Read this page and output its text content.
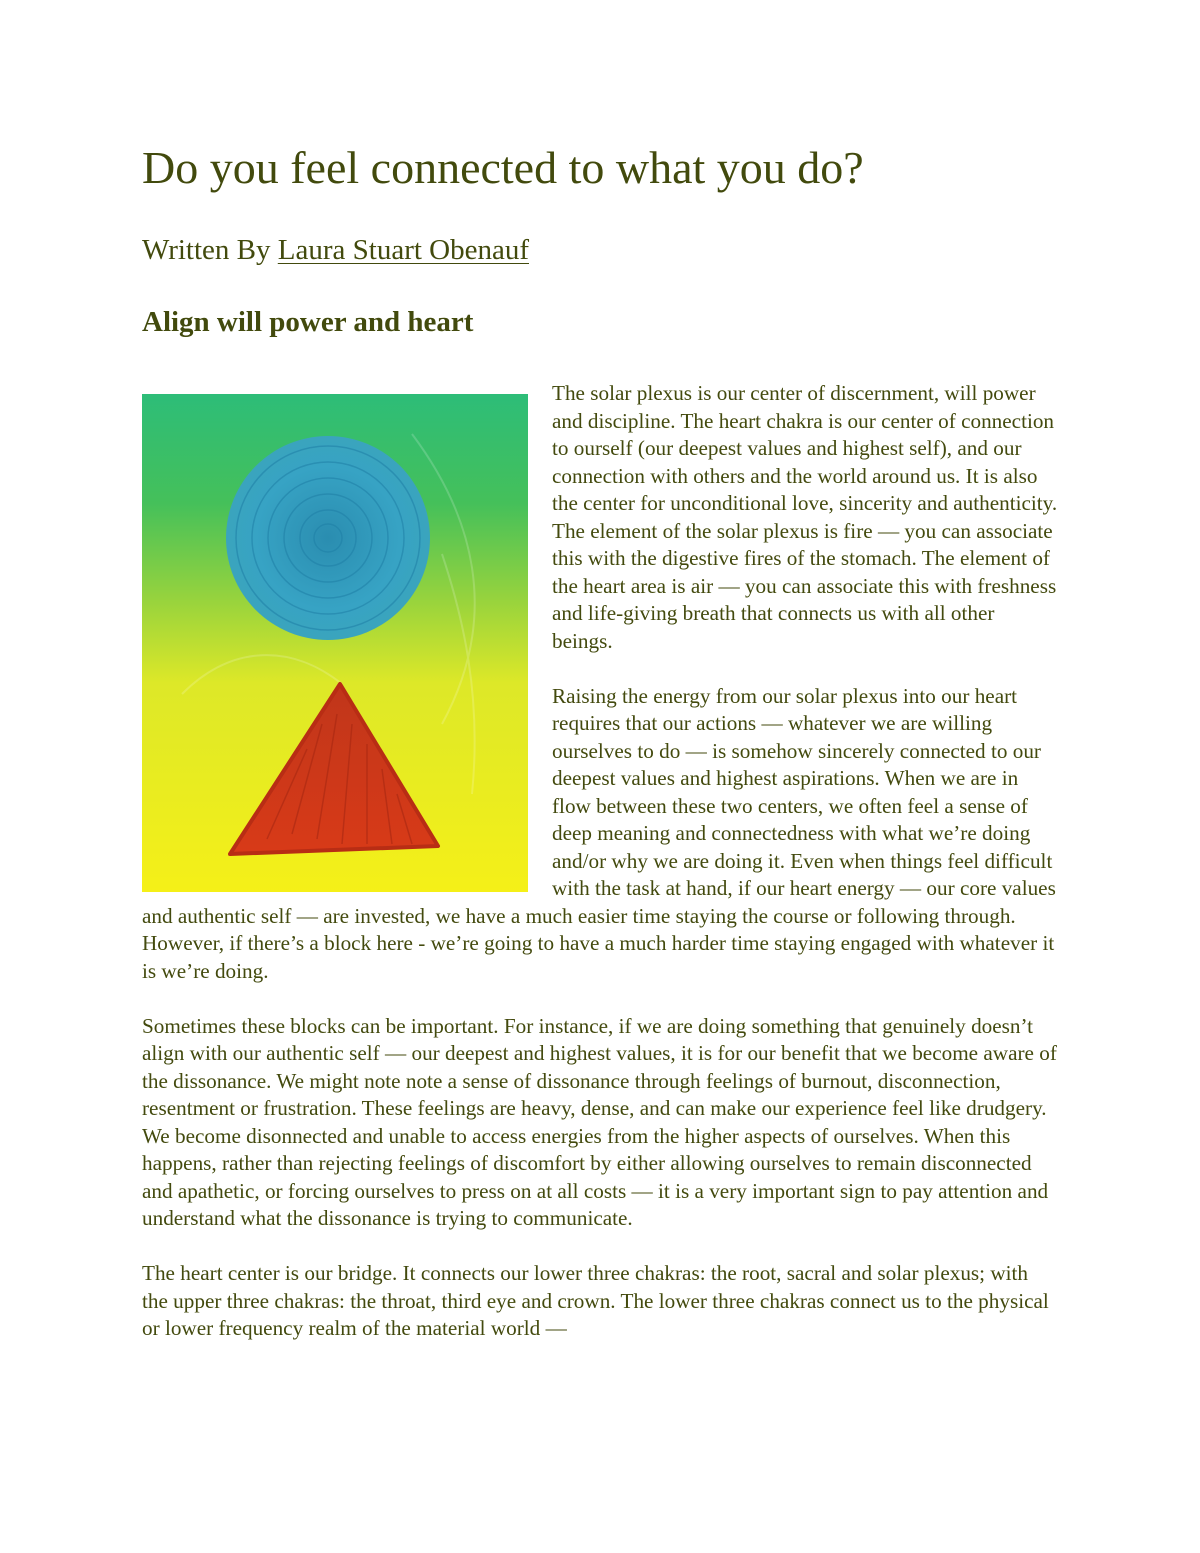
Do you feel connected to what you do?
Written By Laura Stuart Obenauf
Align will power and heart

The solar plexus is our center of discernment, will power and discipline. The heart chakra is our center of connection to ourself (our deepest values and highest self), and our connection with others and the world around us. It is also the center for unconditional love, sincerity and authenticity. The element of the solar plexus is fire — you can associate this with the digestive fires of the stomach. The element of the heart area is air — you can associate this with freshness and life-giving breath that connects us with all other beings.

Raising the energy from our solar plexus into our heart requires that our actions — whatever we are willing ourselves to do — is somehow sincerely connected to our deepest values and highest aspirations. When we are in flow between these two centers, we often feel a sense of deep meaning and connectedness with what we’re doing and/or why we are doing it. Even when things feel difficult with the task at hand, if our heart energy — our core values and authentic self — are invested, we have a much easier time staying the course or following through. However, if there’s a block here - we’re going to have a much harder time staying engaged with whatever it is we’re doing.

Sometimes these blocks can be important. For instance, if we are doing something that genuinely doesn’t align with our authentic self — our deepest and highest values, it is for our benefit that we become aware of the dissonance. We might note note a sense of dissonance through feelings of burnout, disconnection, resentment or frustration. These feelings are heavy, dense, and can make our experience feel like drudgery. We become disonnected and unable to access energies from the higher aspects of ourselves. When this happens, rather than rejecting feelings of discomfort by either allowing ourselves to remain disconnected and apathetic, or forcing ourselves to press on at all costs — it is a very important sign to pay attention and understand what the dissonance is trying to communicate.

The heart center is our bridge. It connects our lower three chakras: the root, sacral and solar plexus; with the upper three chakras: the throat, third eye and crown. The lower three chakras connect us to the physical or lower frequency realm of the material world —
